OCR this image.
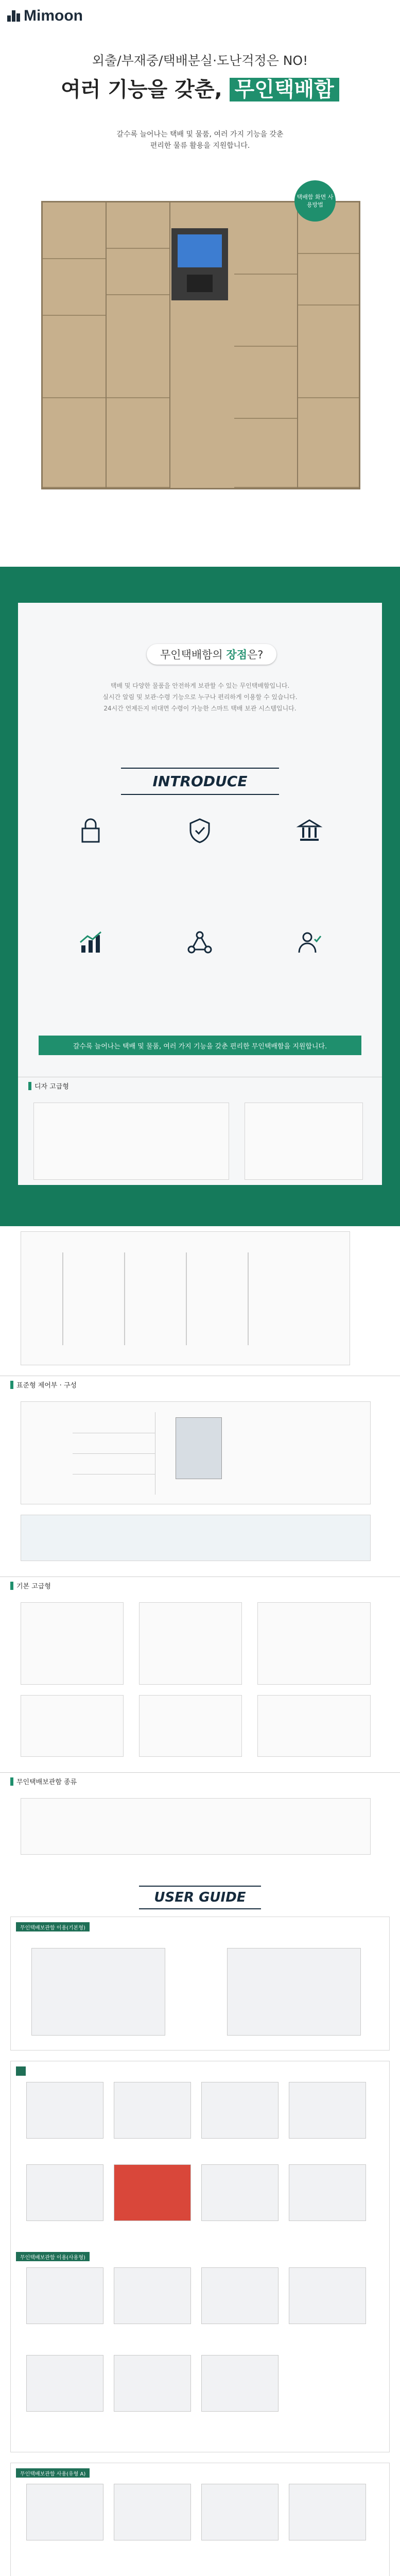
Mimoon
외출/부재중/택배분실·도난걱정은 NO!
여러 기능을 갖춘, 무인택배함
갈수록 늘어나는 택배 및 물품, 여러 가지 기능을 갖춘
편리한 물류 활용을 지원합니다.
택배함 화면 사용방법
무인택배함의
장점 은?
택배 및 다양한 물품을 안전하게 보관할 수 있는 무인택배함입니다.
실시간 알림 및 보관·수령 기능으로 누구나 편리하게 이용할 수 있습니다.
24시간 언제든지 비대면 수령이 가능한 스마트 택배 보관 시스템입니다.
INTRODUCE

갈수록 늘어나는 택배 및 물품, 여러 가지 기능을 갖춘 편리한 무인택배함을 지원합니다.
디자 고급형
표준형 제어부 · 구성
기본 고급형
무인택배보관함 종류
USER GUIDE
무인택배보관함 이용(기본형)

무인택배보관함 이용(사용형)
무인택배보관함 사용(유형 A)
